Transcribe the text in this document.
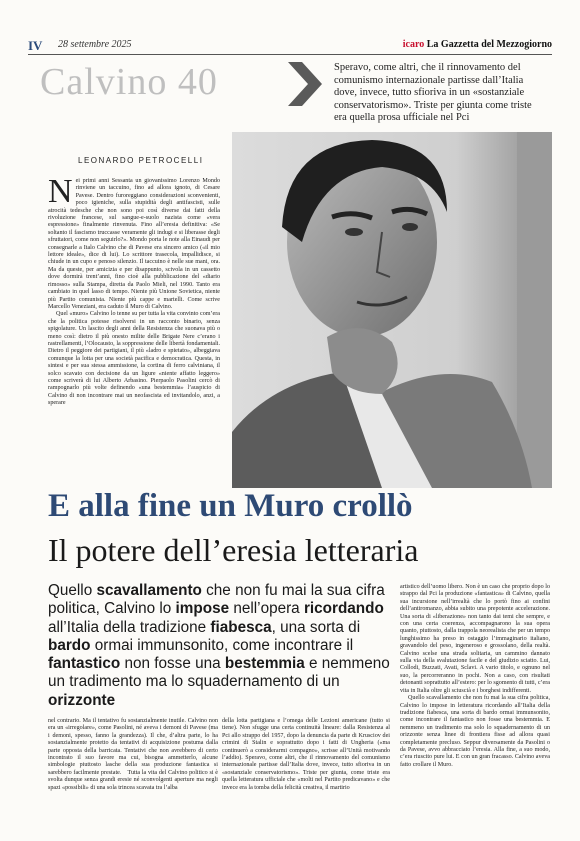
IV 28 settembre 2025	icaro La Gazzetta del Mezzogiorno
Calvino 40	Speravo, come altri, che il rinnovamento del comunismo internazionale partisse dall’Italia dove, invece, tutto sfioriva in un «sostanziale conservatorismo». Triste per giunta come triste era quella prosa ufficiale nel Pci
LEONARDO PETROCELLI
N ei primi anni Sessanta un giovanissimo Lorenzo Mondo rinviene un taccuino, fino ad allora ignoto, di Cesare Pavese. Dentro furoreggiano considerazioni sconvenienti, poco igieniche, sulla stupidità degli antifascisti, sulle atrocità tedesche che non sono poi così diverse dai fatti della rivoluzione francese, sul sangue-e-suolo nazista come «vera espressione» finalmente rinvenuta. Fino all’eresia definitiva: «Se soltanto il fascismo truccasse veramente gli indugi e si liberasse degli sfruttatori, come non seguirlo?». Mondo porta le note alla Einaudi per consegnarle a Italo Calvino che di Pavese era sincero amico («il mio lettore ideale», dice di lui). Lo scrittore trasecola, impallidisce, si chiude in un cupo e penoso silenzio. Il taccuino è nelle sue mani, ora. Ma da queste, per amicizia e per disappunto, scivola in un cassetto dove dormirà trent’anni, fino cioè alla pubblicazione del «diario rimosso» sulla Stampa, diretta da Paolo Mieli, nel 1990. Tanto era cambiato in quel lasso di tempo. Niente più Unione Sovietica, niente più Partito comunista. Niente più cappe e martelli. Come scrive Marcello Veneziani, era caduto il Muro di Calvino.

Quel «muro» Calvino lo tenne su per tutta la vita convinto com’era che la politica potesse risolversi in un racconto binario, senza spigolature. Un lascito degli anni della Resistenza che suonava più o meno così: dietro il più onesto milite delle Brigate Nere c’erano i rastrellamenti, l’Olocausto, la soppressione delle libertà fondamentali. Dietro il peggiore dei partigiani, il più «ladro e spietato», albeggiava comunque la lotta per una società pacifica e democratica. Questa, in sintesi e per sua stessa ammissione, la cortina di ferro calviniana, il solco scavato con decisione da un ligure «niente affatto leggero» come scriverà di lui Alberto Arbasino. Pierpaolo Pasolini cercò di rampognarlo più volte definendo «una bestemmia» l’auspicio di Calvino di non incontrare mai un neofascista ed invitandolo, anzi, a sperare

E alla fine un Muro crollò
Il potere dell’eresia letteraria
Quello scavallamento che non fu mai la sua cifra politica, Calvino lo impose nell’opera ricordando all’Italia della tradizione fiabesca, una sorta di bardo ormai immunsonito, come incontrare il fantastico non fosse una bestemmia e nemmeno un tradimento ma lo squadernamento di un orizzonte

artistico dell’uomo libero. Non è un caso che proprio dopo lo strappo dal Pci la produzione «fantastica» di Calvino, quella sua incursione nell’irrealtà che lo portò fino ai confini dell’antiromanzo, abbia subito una prepotente accelerazione. Una sorta di «liberazione» non tanto dai temi che sempre, e con una certa coerenza, accompagnarono la sua opera quanto, piuttosto, dalla trappola neorealista che per un tempo lunghissimo ha preso in ostaggio l’immaginario italiano, gravandolo del peso, ingeneroso e grossolano, della realtà. Calvino scelse una strada solitaria, un cammino dannato sulla via della svalutazione facile e del giudizio sciatto. Lui, Collodi, Buzzati, Avati, Sclavi. A vario titolo, e ognuno nel suo, la percorreranno in pochi. Non a caso, con risultati detonanti soprattutto all’estero: per lo sgomento di tutti, c’era vita in Italia oltre gli sciuscià e i borghesi indifferenti.

Quello scavallamento che non fu mai la sua cifra politica, Calvino lo impose in letteratura ricordando all’Italia della tradizione fiabesca, una sorta di bardo ormai immunsonito, come incontrare il fantastico non fosse una bestemmia. E nemmeno un tradimento ma solo lo squadernamento di un orizzonte senza linee di frontiera fisse ad allora quasi completamente precluso. Seppur diversamente da Pasolini o da Pavese, avvo abbracciato l’eresia. Alla fine, a suo modo, c’era riuscito pure lui. E con un gran fracasso. Calvino aveva fatto crollare il Muro.

nel contrario. Ma il tentativo fu sostanzialmente inutile. Calvino non era un «irregolare», come Pasolini, né aveva i demoni di Pavese (ma i demoni, spesso, fanno la grandezza). Il che, d’altra parte, lo ha sostanzialmente protetto da tentativi di acquisizione postuma dalla parte opposta della barricata. Tentativi che non avrebbero di certo incontrato il suo favore ma cui, bisogna ammetterlo, alcune simbologie piuttosto lasche della sua produzione fantastica si sarebbero facilmente prestate. Tutta la vita del Calvino politico si è svolta dunque senza grandi eresie né sconvolgenti aperture ma negli spazi «possibili» di una sola trincea scavata tra l’alba
della lotta partigiana e l’omega delle Lezioni americane (tutto si tiene). Non sfugge una certa continuità lineare: dalla Resistenza al Pci allo strappo del 1957, dopo la denuncia da parte di Krusciov dei crimini di Stalin e soprattutto dopo i fatti di Ungheria («ma continuerò a considerarmi compagno», scrisse all’Unità motivando l’addio). Speravo, come altri, che il rinnovamento del comunismo internazionale partisse dall’Italia dove, invece, tutto sfioriva in un «sostanziale conservatorismo». Triste per giunta, come triste era quella letteratura ufficiale che «molti nel Partito predicavano» e che invece era la tomba della felicità creativa, il martirio
